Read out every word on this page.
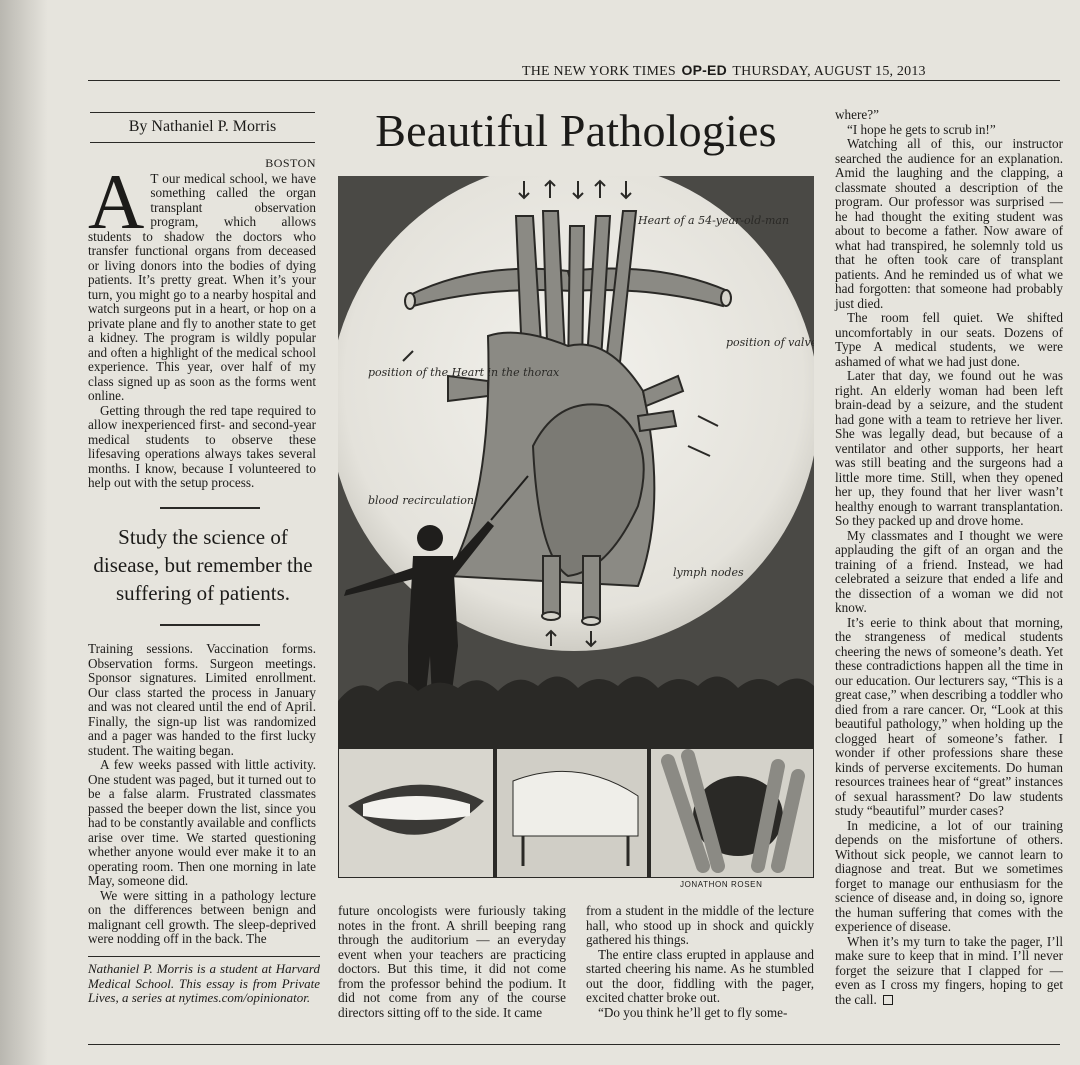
THE NEW YORK TIMES OP-ED THURSDAY, AUGUST 15, 2013
By Nathaniel P. Morris
BOSTON

A T our medical school, we have something called the organ transplant observation program, which allows students to shadow the doctors who transfer functional organs from deceased or living donors into the bodies of dying patients. It’s pretty great. When it’s your turn, you might go to a nearby hospital and watch surgeons put in a heart, or hop on a private plane and fly to another state to get a kidney. The program is wildly popular and often a highlight of the medical school experience. This year, over half of my class signed up as soon as the forms went online.

Getting through the red tape required to allow inexperienced first- and second-year medical students to observe these lifesaving operations always takes several months. I know, because I volunteered to help out with the setup process.

Study the science of disease, but remember the suffering of patients.

Training sessions. Vaccination forms. Observation forms. Surgeon meetings. Sponsor signatures. Limited enrollment. Our class started the process in January and was not cleared until the end of April. Finally, the sign-up list was randomized and a pager was handed to the first lucky student. The waiting began.

A few weeks passed with little activity. One student was paged, but it turned out to be a false alarm. Frustrated classmates passed the beeper down the list, since you had to be constantly available and conflicts arise over time. We started questioning whether anyone would ever make it to an operating room. Then one morning in late May, someone did.

We were sitting in a pathology lecture on the differences between benign and malignant cell growth. The sleep-deprived were nodding off in the back. The

Nathaniel P. Morris is a student at Harvard Medical School. This essay is from Private Lives, a series at nytimes.com/opinionator.
Beautiful Pathologies
Heart of a 54-year-old-man
position of the Heart in the thorax
position of valv
blood recirculation
lymph nodes
JONATHON ROSEN

future oncologists were furiously taking notes in the front. A shrill beeping rang through the auditorium — an everyday event when your teachers are practicing doctors. But this time, it did not come from the professor behind the podium. It did not come from any of the course directors sitting off to the side. It came

from a student in the middle of the lecture hall, who stood up in shock and quickly gathered his things.

The entire class erupted in applause and started cheering his name. As he stumbled out the door, fiddling with the pager, excited chatter broke out.

“Do you think he’ll get to fly some-

where?”

“I hope he gets to scrub in!”

Watching all of this, our instructor searched the audience for an explanation. Amid the laughing and the clapping, a classmate shouted a description of the program. Our professor was surprised — he had thought the exiting student was about to become a father. Now aware of what had transpired, he solemnly told us that he often took care of transplant patients. And he reminded us of what we had forgotten: that someone had probably just died.

The room fell quiet. We shifted uncomfortably in our seats. Dozens of Type A medical students, we were ashamed of what we had just done.

Later that day, we found out he was right. An elderly woman had been left brain-dead by a seizure, and the student had gone with a team to retrieve her liver. She was legally dead, but because of a ventilator and other supports, her heart was still beating and the surgeons had a little more time. Still, when they opened her up, they found that her liver wasn’t healthy enough to warrant transplantation. So they packed up and drove home.

My classmates and I thought we were applauding the gift of an organ and the training of a friend. Instead, we had celebrated a seizure that ended a life and the dissection of a woman we did not know.

It’s eerie to think about that morning, the strangeness of medical students cheering the news of someone’s death. Yet these contradictions happen all the time in our education. Our lecturers say, “This is a great case,” when describing a toddler who died from a rare cancer. Or, “Look at this beautiful pathology,” when holding up the clogged heart of someone’s father. I wonder if other professions share these kinds of perverse excitements. Do human resources trainees hear of “great” instances of sexual harassment? Do law students study “beautiful” murder cases?

In medicine, a lot of our training depends on the misfortune of others. Without sick people, we cannot learn to diagnose and treat. But we sometimes forget to manage our enthusiasm for the science of disease and, in doing so, ignore the human suffering that comes with the experience of disease.

When it’s my turn to take the pager, I’ll make sure to keep that in mind. I’ll never forget the seizure that I clapped for — even as I cross my fingers, hoping to get the call.
